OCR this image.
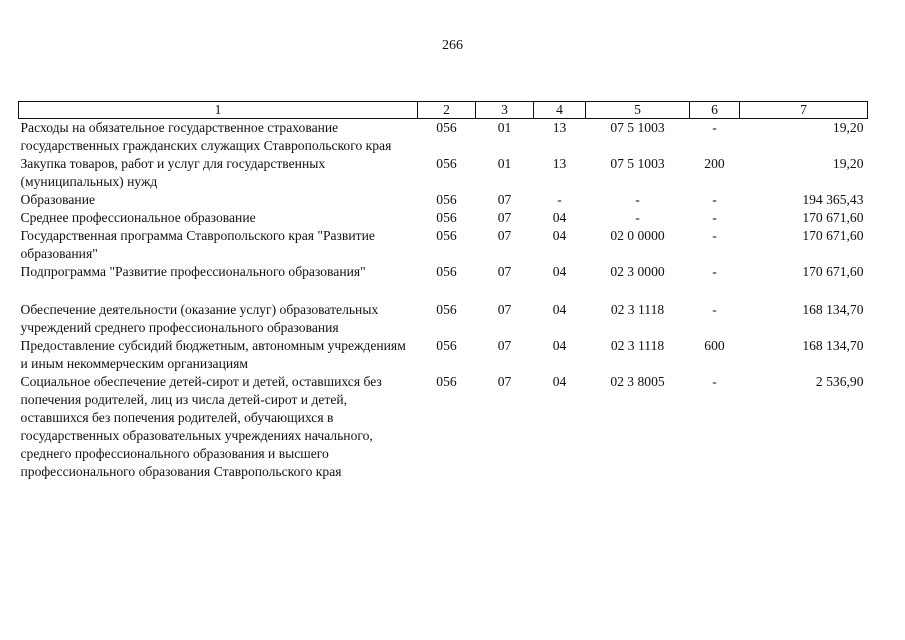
266
1	2	3	4	5	6	7
Расходы на обязательное государственное страхование государственных гражданских служащих Ставропольского края	056	01	13	07 5 1003	-	19,20
Закупка товаров, работ и услуг для государственных (муниципальных) нужд	056	01	13	07 5 1003	200	19,20
Образование	056	07	-	-	-	194 365,43
Среднее профессиональное образование	056	07	04	-	-	170 671,60
Государственная программа Ставропольского края "Развитие образования"	056	07	04	02 0 0000	-	170 671,60
Подпрограмма "Развитие профессионального образования"	056	07	04	02 3 0000	-	170 671,60

Обеспечение деятельности (оказание услуг) образовательных учреждений среднего профессионального образования	056	07	04	02 3 1118	-	168 134,70
Предоставление субсидий бюджетным, автономным учреждениям и иным некоммерческим организациям	056	07	04	02 3 1118	600	168 134,70
Социальное обеспечение детей-сирот и детей, оставшихся без попечения родителей, лиц из числа детей-сирот и детей, оставшихся без попечения родителей, обучающихся в государственных образовательных учреждениях начального, среднего профессионального образования и высшего профессионального образования Ставропольского края	056	07	04	02 3 8005	-	2 536,90
